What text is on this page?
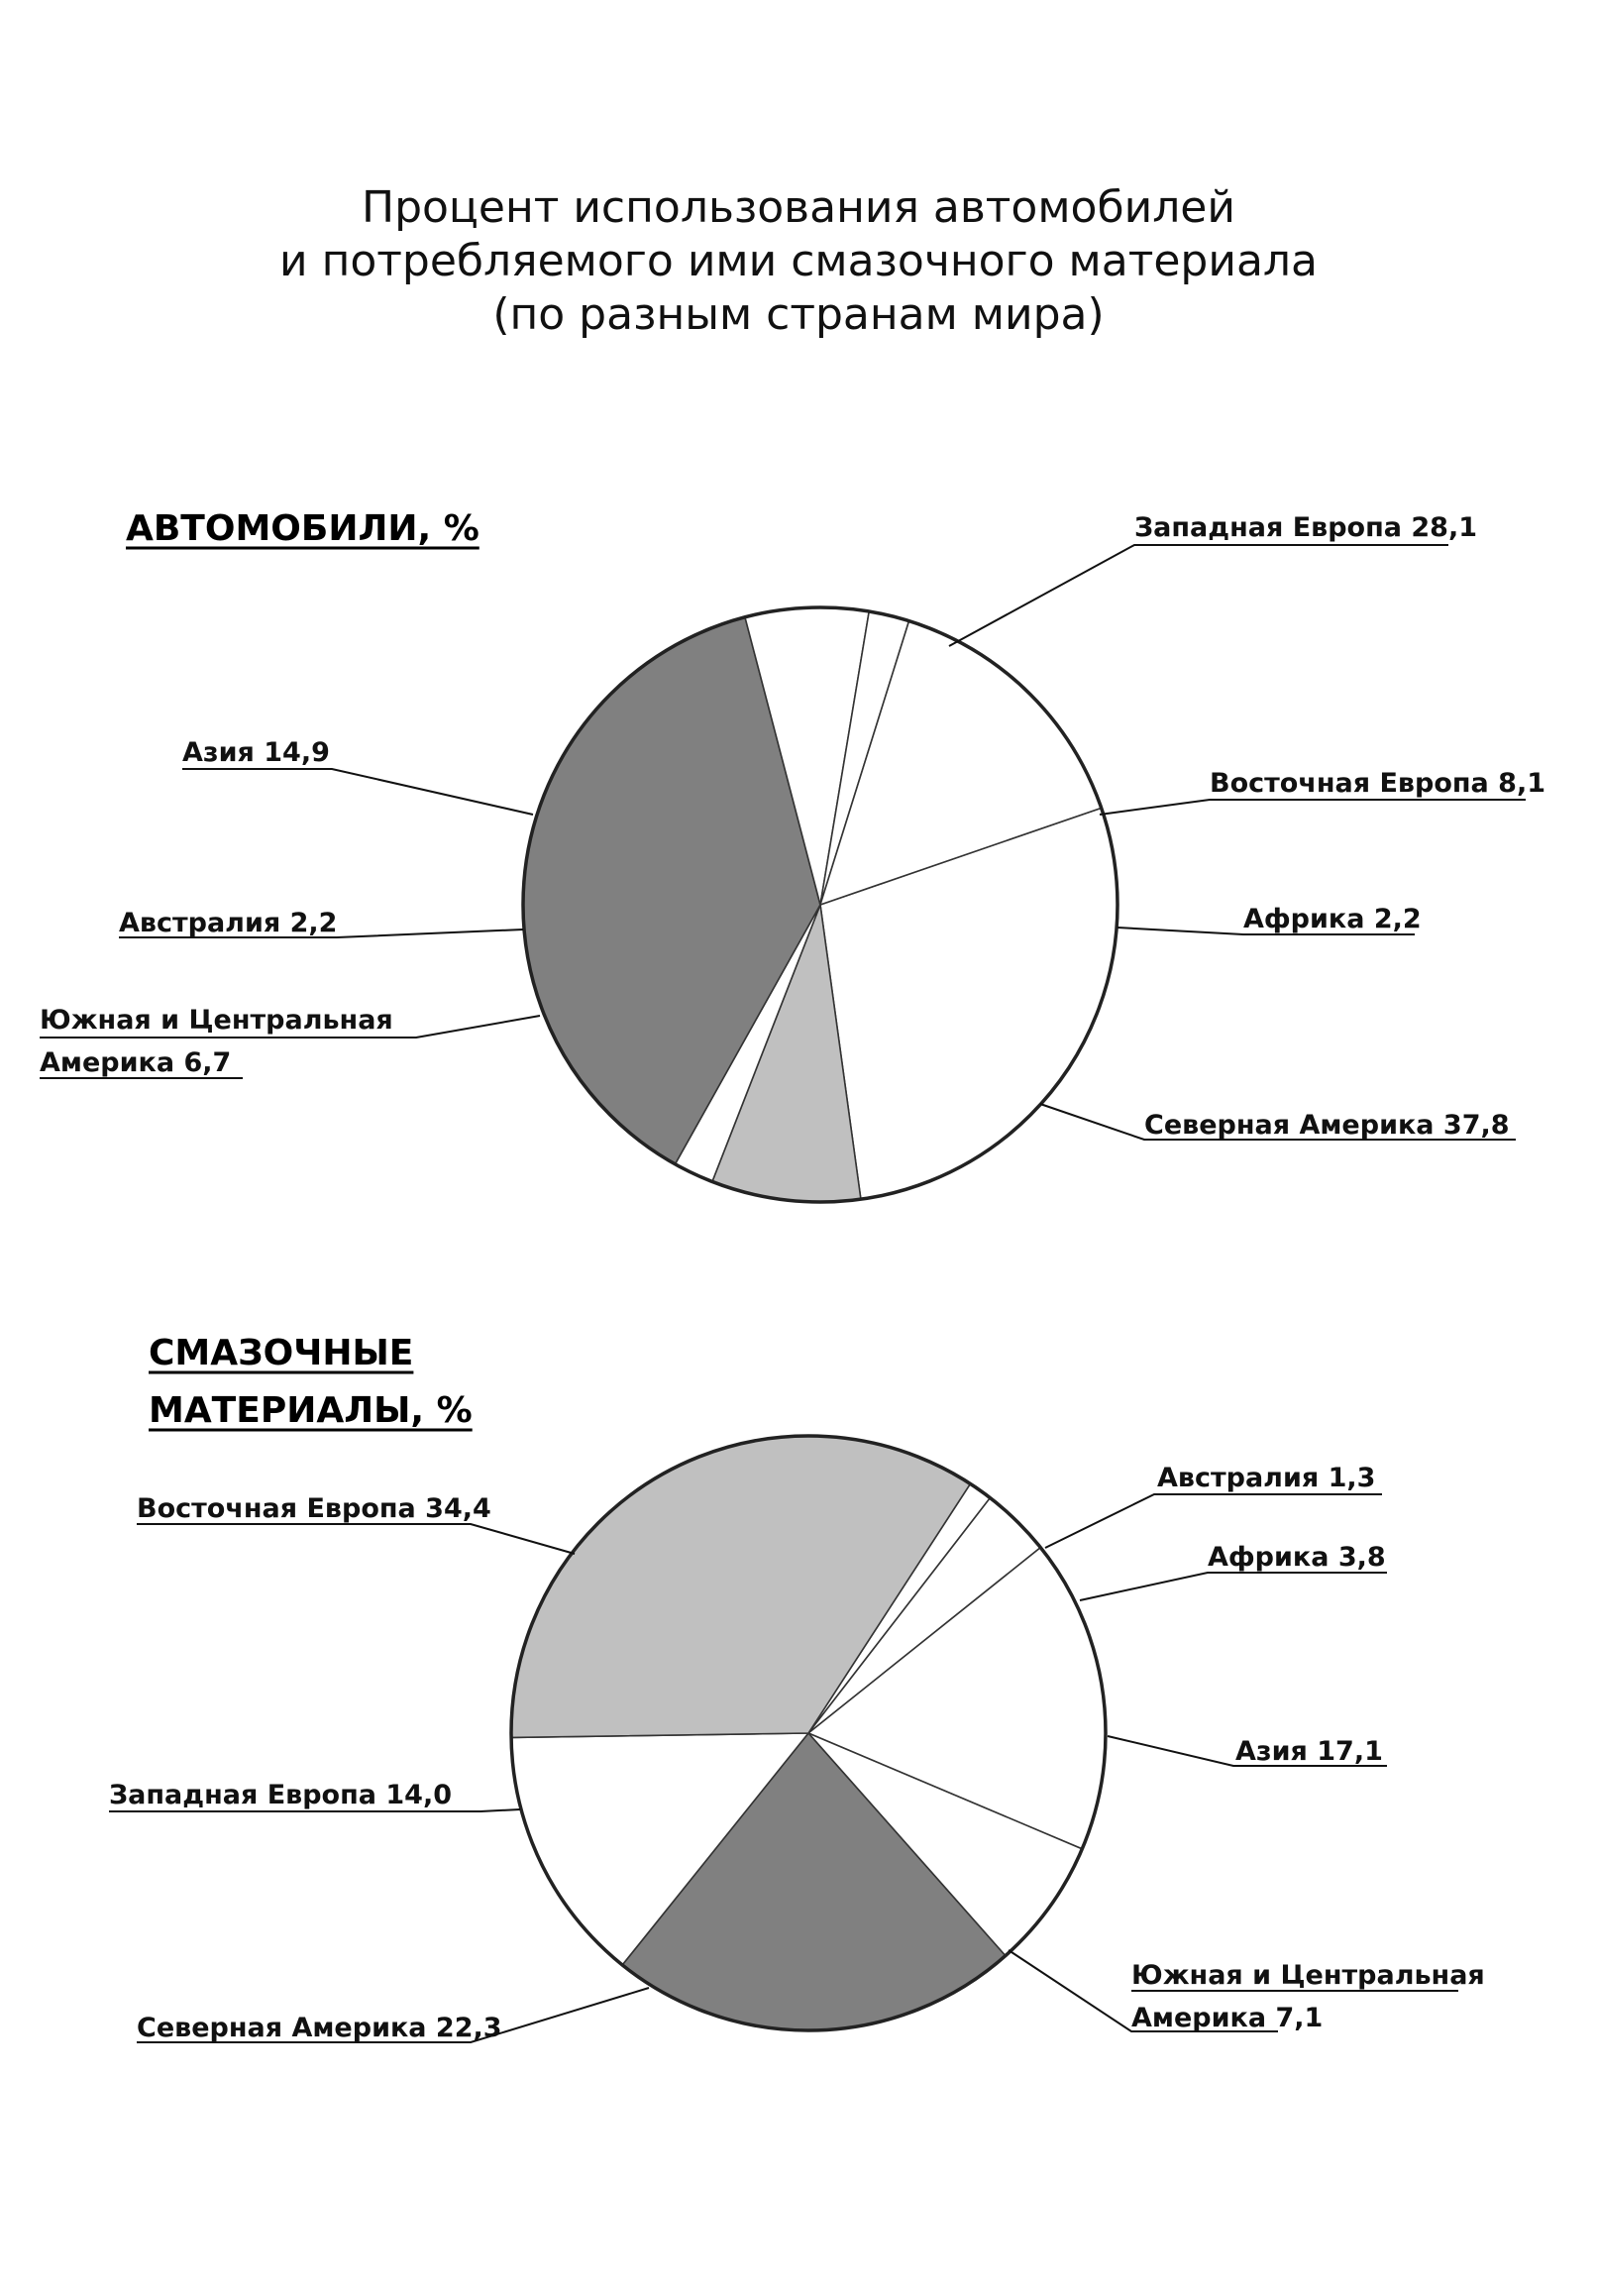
Процент использования автомобилей
и потребляемого ими смазочного материала
(по разным странам мира)
АВТОМОБИЛИ, %	Западная Европа 28,1
Восточная Европа 8,1
Африка 2,2
Северная Америка 37,8
Южная и Центральная
Америка 6,7
Австралия 2,2
Азия 14,9
СМАЗОЧНЫЕ
МАТЕРИАЛЫ, %
Австралия 1,3
Африка 3,8
Азия 17,1
Южная и Центральная
Америка 7,1
Северная Америка 22,3
Западная Европа 14,0
Восточная Европа 34,4
